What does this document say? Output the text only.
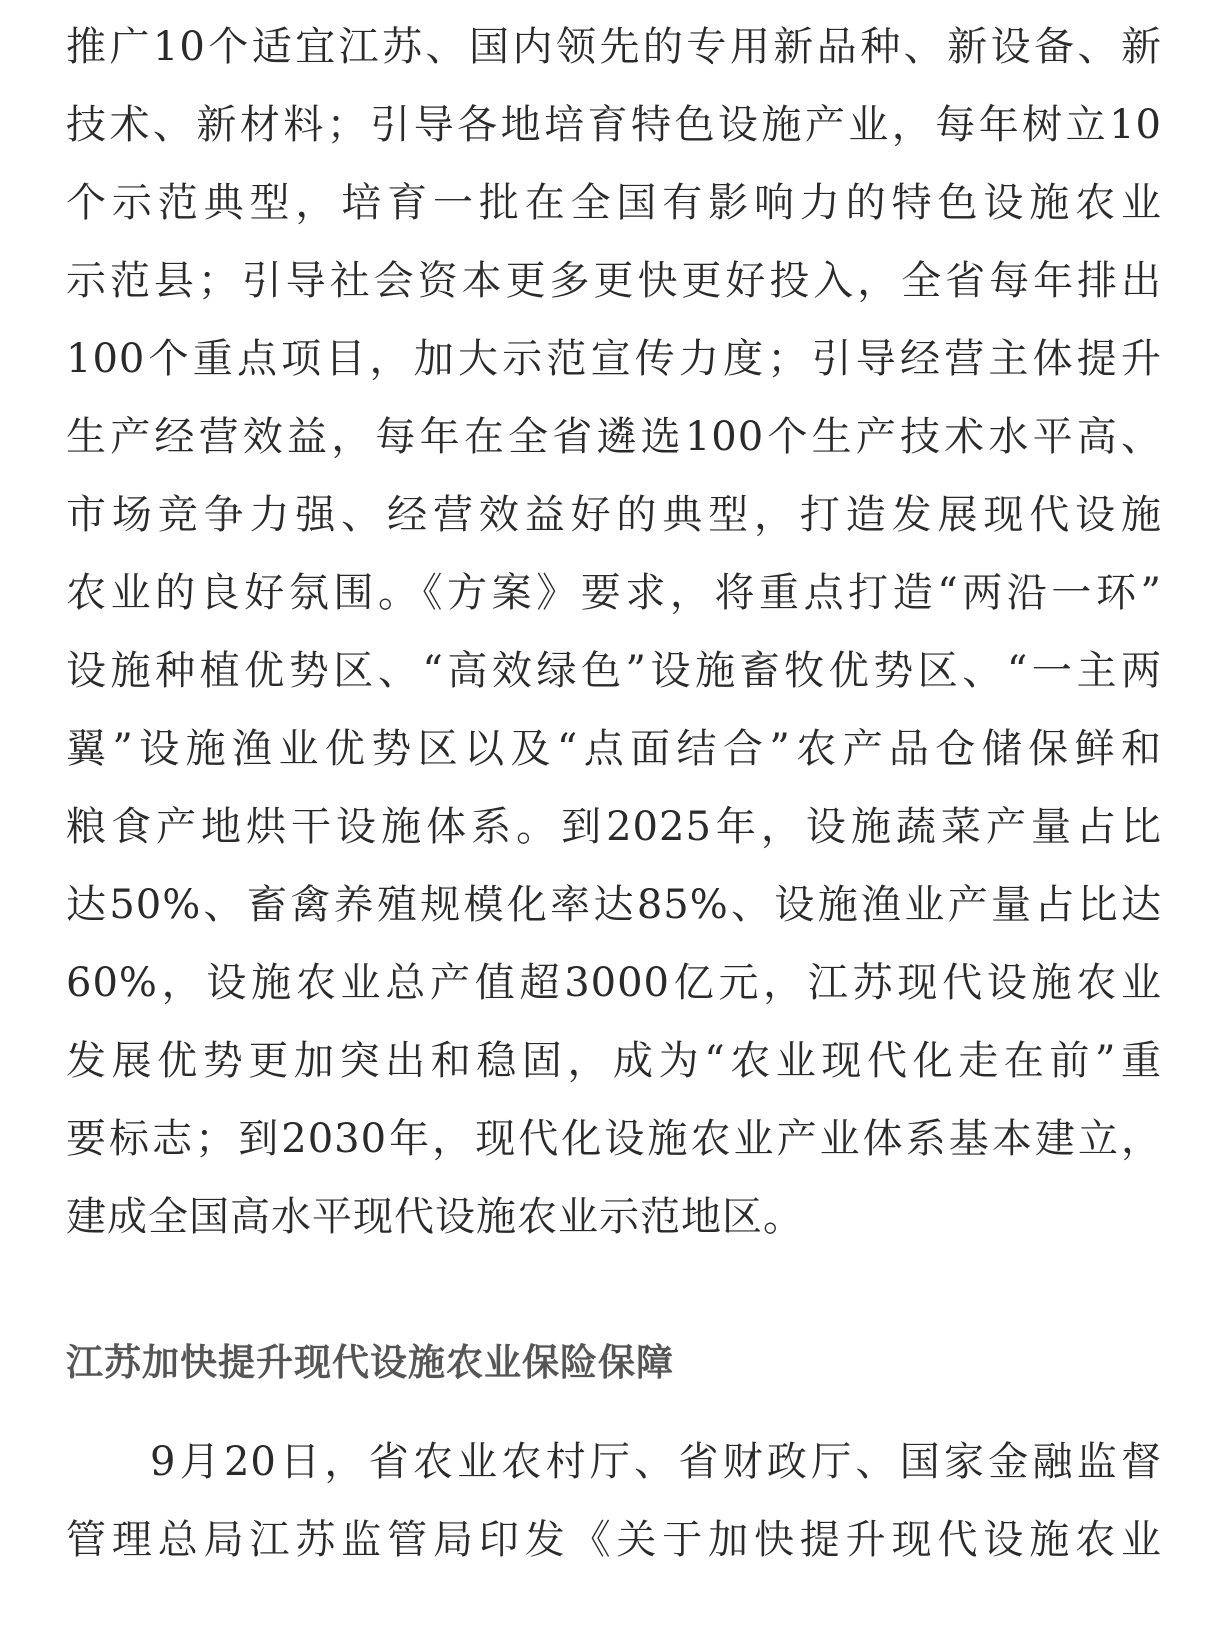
推广10个适宜江苏、国内领先的专用新品种、新设备、新

技术、新材料；引导各地培育特色设施产业，每年树立10

个示范典型，培育一批在全国有影响力的特色设施农业

示范县；引导社会资本更多更快更好投入，全省每年排出

100个重点项目，加大示范宣传力度；引导经营主体提升

生产经营效益，每年在全省遴选100个生产技术水平高、

市场竞争力强、经营效益好的典型，打造发展现代设施

农业的良好氛围。《方案》要求，将重点打造“两沿一环”

设施种植优势区、“高效绿色”设施畜牧优势区、“一主两

翼”设施渔业优势区以及“点面结合”农产品仓储保鲜和

粮食产地烘干设施体系。到2025年，设施蔬菜产量占比

达50%、畜禽养殖规模化率达85%、设施渔业产量占比达

60%，设施农业总产值超3000亿元，江苏现代设施农业

发展优势更加突出和稳固，成为“农业现代化走在前”重

要标志；到2030年，现代化设施农业产业体系基本建立，

建成全国高水平现代设施农业示范地区。

江苏加快提升现代设施农业保险保障

9月20日，省农业农村厅、省财政厅、国家金融监督

管理总局江苏监管局印发《关于加快提升现代设施农业
